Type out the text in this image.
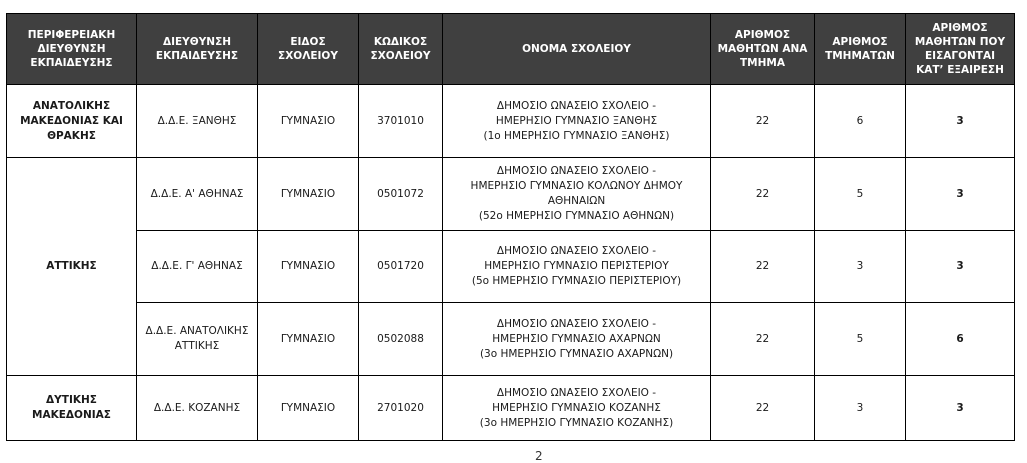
ΠΕΡΙΦΕΡΕΙΑΚΗ ΔΙΕΥΘΥΝΣΗ ΕΚΠΑΙΔΕΥΣΗΣ	ΔΙΕΥΘΥΝΣΗ ΕΚΠΑΙΔΕΥΣΗΣ	ΕΙΔΟΣ ΣΧΟΛΕΙΟΥ	ΚΩΔΙΚΟΣ ΣΧΟΛΕΙΟΥ	ΟΝΟΜΑ ΣΧΟΛΕΙΟΥ	ΑΡΙΘΜΟΣ ΜΑΘΗΤΩΝ ΑΝΑ ΤΜΗΜΑ	ΑΡΙΘΜΟΣ ΤΜΗΜΑΤΩΝ	ΑΡΙΘΜΟΣ ΜΑΘΗΤΩΝ ΠΟΥ ΕΙΣΑΓΟΝΤΑΙ ΚΑΤ’ ΕΞΑΙΡΕΣΗ
ΑΝΑΤΟΛΙΚΗΣ ΜΑΚΕΔΟΝΙΑΣ ΚΑΙ ΘΡΑΚΗΣ	Δ.Δ.Ε. ΞΑΝΘΗΣ	ΓΥΜΝΑΣΙΟ	3701010	ΔΗΜΟΣΙΟ ΩΝΑΣΕΙΟ ΣΧΟΛΕΙΟ -
ΗΜΕΡΗΣΙΟ ΓΥΜΝΑΣΙΟ ΞΑΝΘΗΣ
(1ο ΗΜΕΡΗΣΙΟ ΓΥΜΝΑΣΙΟ ΞΑΝΘΗΣ)	22	6	3
ΑΤΤΙΚΗΣ	Δ.Δ.Ε. Α' ΑΘΗΝΑΣ	ΓΥΜΝΑΣΙΟ	0501072	ΔΗΜΟΣΙΟ ΩΝΑΣΕΙΟ ΣΧΟΛΕΙΟ -
ΗΜΕΡΗΣΙΟ ΓΥΜΝΑΣΙΟ ΚΟΛΩΝΟΥ ΔΗΜΟΥ ΑΘΗΝΑΙΩΝ
(52ο ΗΜΕΡΗΣΙΟ ΓΥΜΝΑΣΙΟ ΑΘΗΝΩΝ)	22	5	3
	Δ.Δ.Ε. Γ' ΑΘΗΝΑΣ	ΓΥΜΝΑΣΙΟ	0501720	ΔΗΜΟΣΙΟ ΩΝΑΣΕΙΟ ΣΧΟΛΕΙΟ -
ΗΜΕΡΗΣΙΟ ΓΥΜΝΑΣΙΟ ΠΕΡΙΣΤΕΡΙΟΥ
(5ο ΗΜΕΡΗΣΙΟ ΓΥΜΝΑΣΙΟ ΠΕΡΙΣΤΕΡΙΟΥ)	22	3	3
	Δ.Δ.Ε. ΑΝΑΤΟΛΙΚΗΣ ΑΤΤΙΚΗΣ	ΓΥΜΝΑΣΙΟ	0502088	ΔΗΜΟΣΙΟ ΩΝΑΣΕΙΟ ΣΧΟΛΕΙΟ -
ΗΜΕΡΗΣΙΟ ΓΥΜΝΑΣΙΟ ΑΧΑΡΝΩΝ
(3ο ΗΜΕΡΗΣΙΟ ΓΥΜΝΑΣΙΟ ΑΧΑΡΝΩΝ)	22	5	6
ΔΥΤΙΚΗΣ ΜΑΚΕΔΟΝΙΑΣ	Δ.Δ.Ε. ΚΟΖΑΝΗΣ	ΓΥΜΝΑΣΙΟ	2701020	ΔΗΜΟΣΙΟ ΩΝΑΣΕΙΟ ΣΧΟΛΕΙΟ -
ΗΜΕΡΗΣΙΟ ΓΥΜΝΑΣΙΟ ΚΟΖΑΝΗΣ
(3ο ΗΜΕΡΗΣΙΟ ΓΥΜΝΑΣΙΟ ΚΟΖΑΝΗΣ)	22	3	3
2
